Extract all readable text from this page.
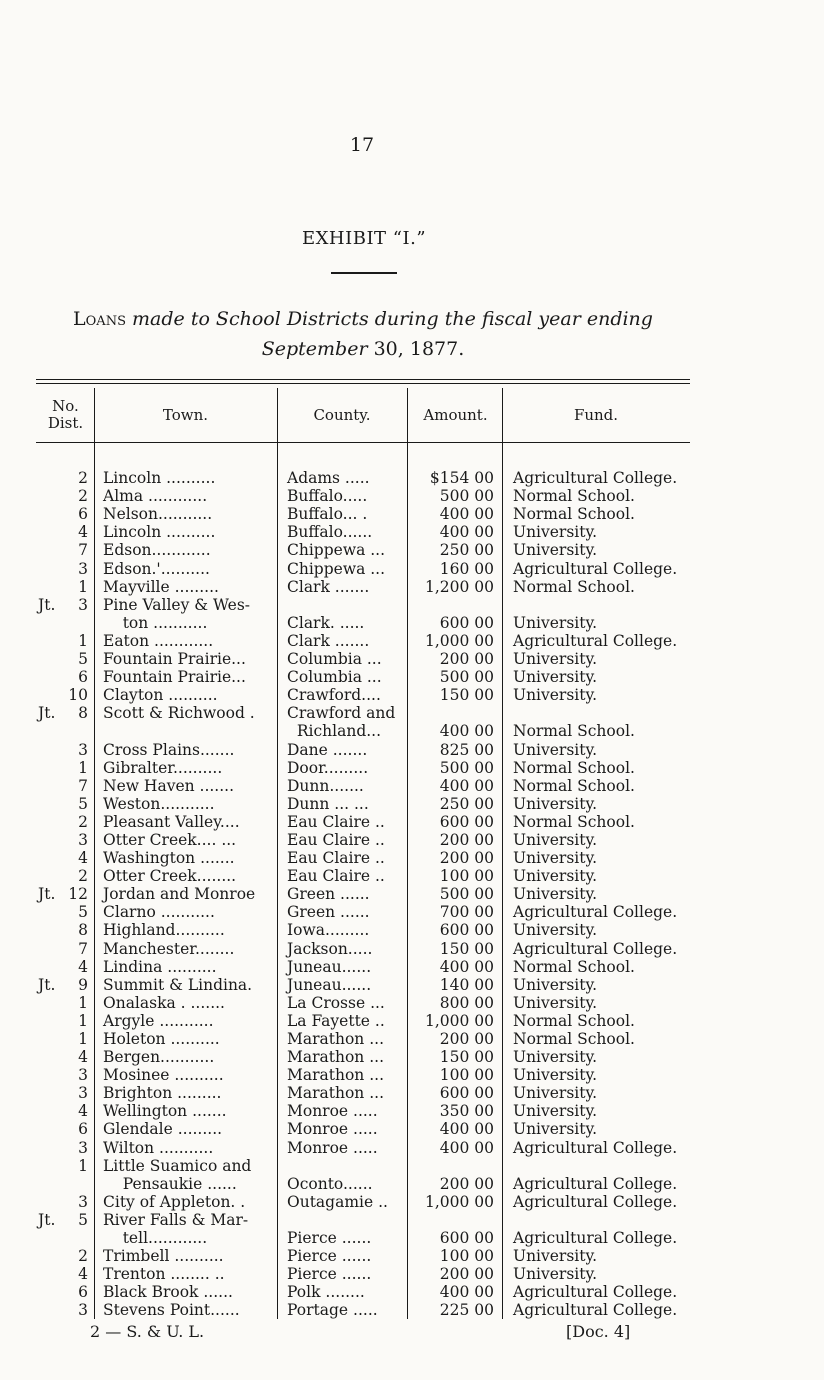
17
EXHIBIT “I.”
Loans made to School Districts during the fiscal year ending
September 30, 1877.
No.
Dist.	Town.	County.	Amount.	Fund.

2	Lincoln ..........	Adams .....	$154 00	Agricultural College.

2	Alma ............	Buffalo.....	500 00	Normal School.

6	Nelson...........	Buffalo... .	400 00	Normal School.

4	Lincoln ..........	Buffalo......	400 00	University.

7	Edson............	Chippewa ...	250 00	University.

3	Edson.'..........	Chippewa ...	160 00	Agricultural College.

1	Mayville .........	Clark .......	1,200 00	Normal School.

Jt. 3	Pine Valley & Wes-			

	ton ...........	Clark. .....	600 00	University.

1	Eaton ............	Clark .......	1,000 00	Agricultural College.

5	Fountain Prairie...	Columbia ...	200 00	University.

6	Fountain Prairie...	Columbia ...	500 00	University.

10	Clayton ..........	Crawford....	150 00	University.

Jt. 8	Scott & Richwood .	Crawford and		

		Richland...	400 00	Normal School.

3	Cross Plains.......	Dane .......	825 00	University.

1	Gibralter..........	Door.........	500 00	Normal School.

7	New Haven .......	Dunn.......	400 00	Normal School.

5	Weston...........	Dunn ... ...	250 00	University.

2	Pleasant Valley....	Eau Claire ..	600 00	Normal School.

3	Otter Creek.... ...	Eau Claire ..	200 00	University.

4	Washington .......	Eau Claire ..	200 00	University.

2	Otter Creek........	Eau Claire ..	100 00	University.

Jt. 12	Jordan and Monroe	Green ......	500 00	University.

5	Clarno ...........	Green ......	700 00	Agricultural College.

8	Highland..........	Iowa.........	600 00	University.

7	Manchester........	Jackson.....	150 00	Agricultural College.

4	Lindina ..........	Juneau......	400 00	Normal School.

Jt. 9	Summit & Lindina.	Juneau......	140 00	University.

1	Onalaska . .......	La Crosse ...	800 00	University.

1	Argyle ...........	La Fayette ..	1,000 00	Normal School.

1	Holeton ..........	Marathon ...	200 00	Normal School.

4	Bergen...........	Marathon ...	150 00	University.

3	Mosinee ..........	Marathon ...	100 00	University.

3	Brighton .........	Marathon ...	600 00	University.

4	Wellington .......	Monroe .....	350 00	University.

6	Glendale .........	Monroe .....	400 00	University.

3	Wilton ...........	Monroe .....	400 00	Agricultural College.

1	Little Suamico and			

	Pensaukie ......	Oconto......	200 00	Agricultural College.

3	City of Appleton. .	Outagamie ..	1,000 00	Agricultural College.

Jt. 5	River Falls & Mar-			

	tell............	Pierce ......	600 00	Agricultural College.

2	Trimbell ..........	Pierce ......	100 00	University.

4	Trenton ........ ..	Pierce ......	200 00	University.

6	Black Brook ......	Polk ........	400 00	Agricultural College.

3	Stevens Point......	Portage .....	225 00	Agricultural College.
2 — S. & U. L.	[Doc. 4]
